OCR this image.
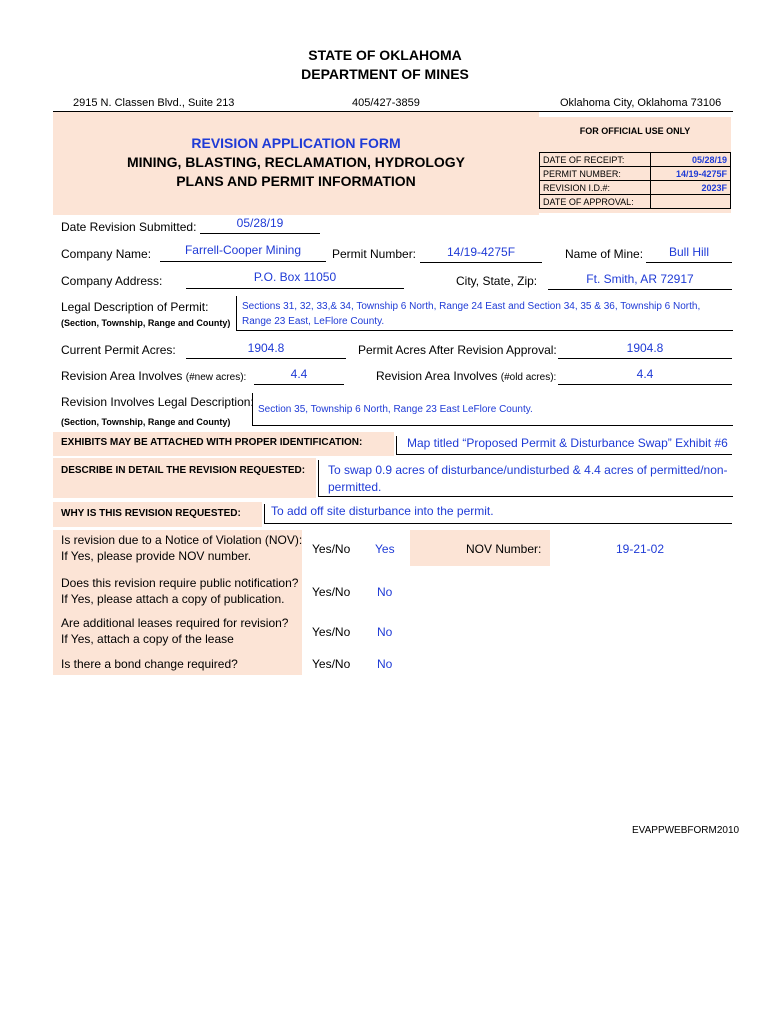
STATE OF OKLAHOMA
DEPARTMENT OF MINES
2915 N. Classen Blvd., Suite 213	405/427-3859	Oklahoma City, Oklahoma 73106
REVISION APPLICATION FORM
MINING, BLASTING, RECLAMATION, HYDROLOGY
PLANS AND PERMIT INFORMATION
FOR OFFICIAL USE ONLY
DATE OF RECEIPT:	05/28/19
PERMIT NUMBER:	14/19-4275F
REVISION I.D.#:	2023F
DATE OF APPROVAL:	
Date Revision Submitted:	05/28/19
Company Name:	Farrell-Cooper Mining	Permit Number:	14/19-4275F	Name of Mine:	Bull Hill
Company Address:	P.O. Box 11050	City, State, Zip:	Ft. Smith, AR 72917
Legal Description of Permit:
(Section, Township, Range and County)
Sections 31, 32, 33,& 34, Township 6 North, Range 24 East and Section 34, 35 & 36, Township 6 North,
Range 23 East, LeFlore County.
Current Permit Acres:	1904.8	Permit Acres After Revision Approval:	1904.8
Revision Area Involves (#new acres):	4.4	Revision Area Involves (#old acres):	4.4
Revision Involves Legal Description:
(Section, Township, Range and County)
Section 35, Township 6 North, Range 23 East LeFlore County.
EXHIBITS MAY BE ATTACHED WITH PROPER IDENTIFICATION:	Map titled “Proposed Permit & Disturbance Swap” Exhibit #6
DESCRIBE IN DETAIL THE REVISION REQUESTED: To swap 0.9 acres of disturbance/undisturbed & 4.4 acres of permitted/non-
permitted.
WHY IS THIS REVISION REQUESTED:	To add off site disturbance into the permit.
Is revision due to a Notice of Violation (NOV):
If Yes, please provide NOV number.	Yes/No Yes	NOV Number:	19-21-02
Does this revision require public notification?
If Yes, please attach a copy of publication. Yes/No No
Are additional leases required for revision?
If Yes, attach a copy of the lease	Yes/No No
Is there a bond change required?	Yes/No No
EVAPPWEBFORM2010
